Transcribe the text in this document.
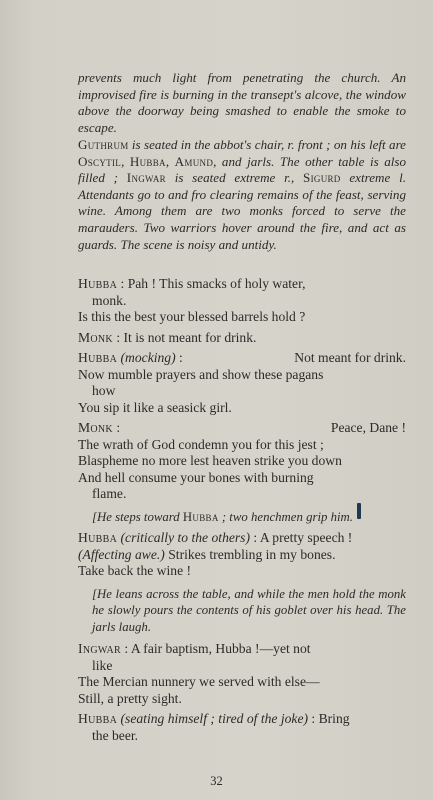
prevents much light from penetrating the church. An improvised fire is burning in the transept's alcove, the window above the doorway being smashed to enable the smoke to escape.

Guthrum is seated in the abbot's chair, r. front ; on his left are Oscytil, Hubba, Amund, and jarls. The other table is also filled ; Ingwar is seated extreme r., Sigurd extreme l. Attendants go to and fro clearing remains of the feast, serving wine. Among them are two monks forced to serve the marauders. Two warriors hover around the fire, and act as guards. The scene is noisy and untidy.

Hubba : Pah ! This smacks of holy water,

monk.

Is this the best your blessed barrels hold ?

Monk : It is not meant for drink.

Hubba (mocking) :	Not meant for drink.

Now mumble prayers and show these pagans

how

You sip it like a seasick girl.

Monk :	Peace, Dane !

The wrath of God condemn you for this jest ;

Blaspheme no more lest heaven strike you down

And hell consume your bones with burning

flame.

[He steps toward Hubba ; two henchmen grip him.

Hubba (critically to the others) : A pretty speech !

(Affecting awe.) Strikes trembling in my bones.

Take back the wine !

[He leans across the table, and while the men hold the monk he slowly pours the contents of his goblet over his head. The jarls laugh.

Ingwar : A fair baptism, Hubba !—yet not

like

The Mercian nunnery we served with else—

Still, a pretty sight.

Hubba (seating himself ; tired of the joke) : Bring

the beer.

32
